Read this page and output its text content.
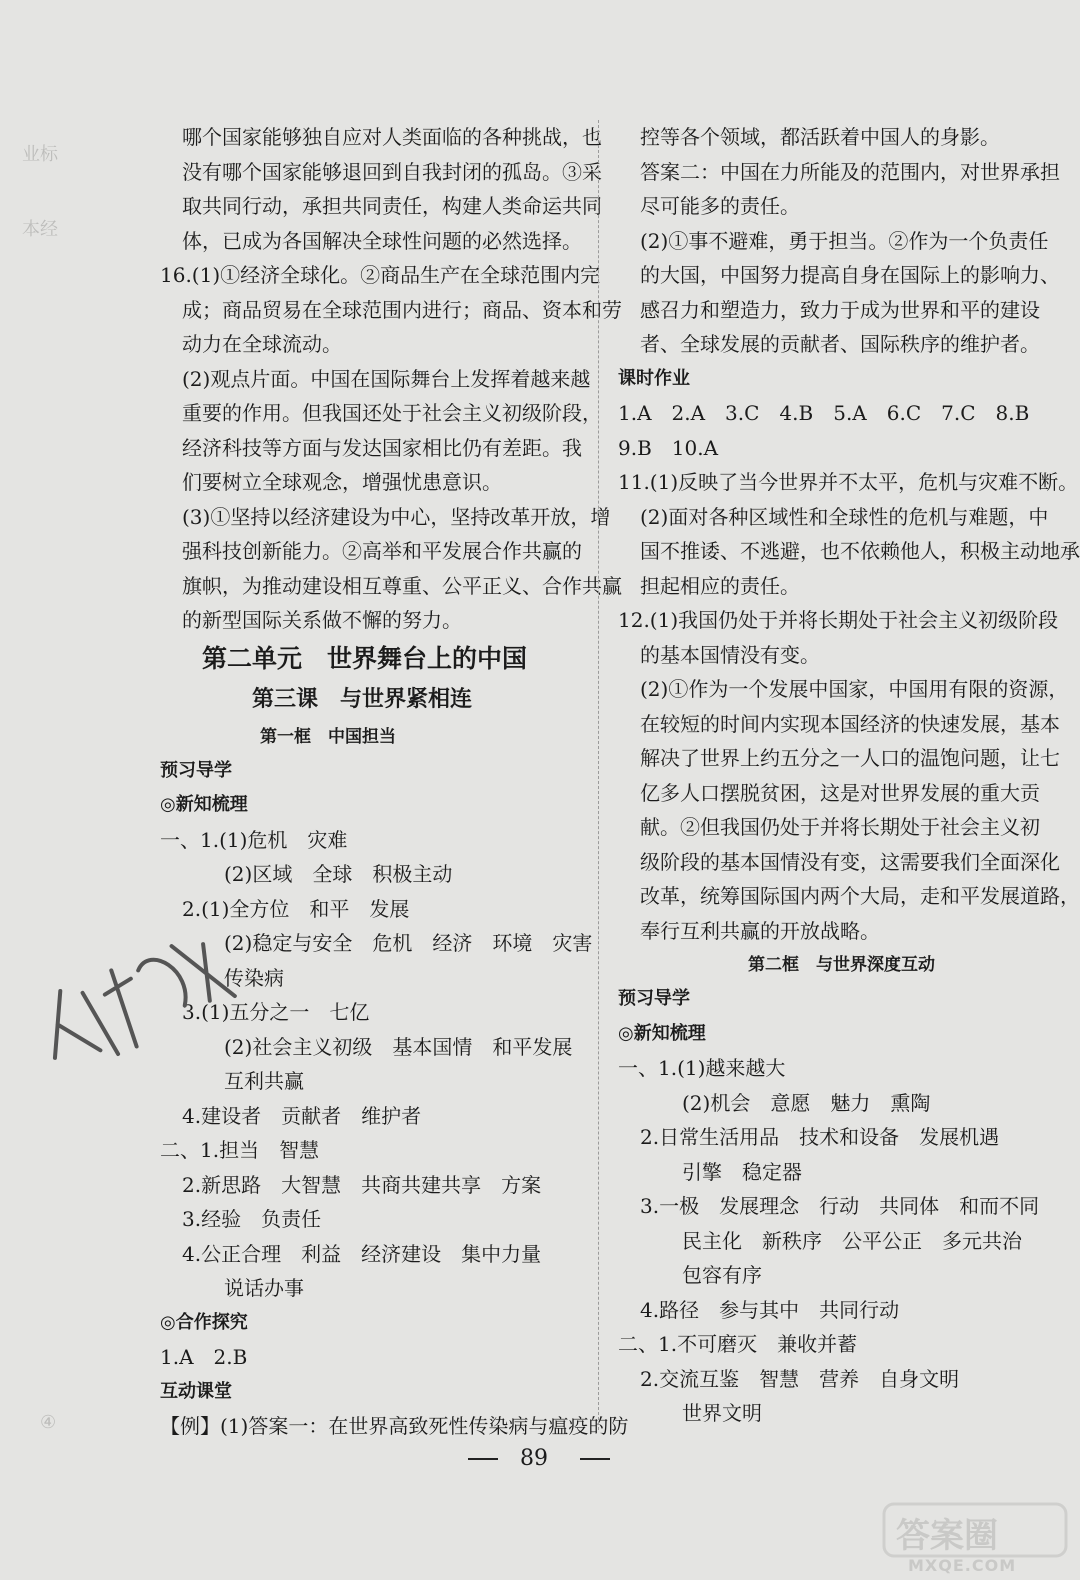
业标
本经
④
哪个国家能够独自应对人类面临的各种挑战，也
没有哪个国家能够退回到自我封闭的孤岛。③采
取共同行动，承担共同责任，构建人类命运共同
体，已成为各国解决全球性问题的必然选择。
16.(1)①经济全球化。②商品生产在全球范围内完
成；商品贸易在全球范围内进行；商品、资本和劳
动力在全球流动。
(2)观点片面。中国在国际舞台上发挥着越来越
重要的作用。但我国还处于社会主义初级阶段，
经济科技等方面与发达国家相比仍有差距。我
们要树立全球观念，增强忧患意识。
(3)①坚持以经济建设为中心，坚持改革开放，增
强科技创新能力。②高举和平发展合作共赢的
旗帜，为推动建设相互尊重、公平正义、合作共赢
的新型国际关系做不懈的努力。
第二单元　世界舞台上的中国
第三课　与世界紧相连
第一框　中国担当
预习导学
◎新知梳理
一、1.(1)危机　灾难
(2)区域　全球　积极主动
2.(1)全方位　和平　发展
(2)稳定与安全　危机　经济　环境　灾害
传染病
3.(1)五分之一　七亿
(2)社会主义初级　基本国情　和平发展
互利共赢
4.建设者　贡献者　维护者
二、1.担当　智慧
2.新思路　大智慧　共商共建共享　方案
3.经验　负责任
4.公正合理　利益　经济建设　集中力量
说话办事
◎合作探究
1.A　2.B
互动课堂
【例】(1)答案一：在世界高致死性传染病与瘟疫的防
控等各个领域，都活跃着中国人的身影。
答案二：中国在力所能及的范围内，对世界承担
尽可能多的责任。
(2)①事不避难，勇于担当。②作为一个负责任
的大国，中国努力提高自身在国际上的影响力、
感召力和塑造力，致力于成为世界和平的建设
者、全球发展的贡献者、国际秩序的维护者。
课时作业
1.A　2.A　3.C　4.B　5.A　6.C　7.C　8.B
9.B　10.A
11.(1)反映了当今世界并不太平，危机与灾难不断。
(2)面对各种区域性和全球性的危机与难题，中
国不推诿、不逃避，也不依赖他人，积极主动地承
担起相应的责任。
12.(1)我国仍处于并将长期处于社会主义初级阶段
的基本国情没有变。
(2)①作为一个发展中国家，中国用有限的资源，
在较短的时间内实现本国经济的快速发展，基本
解决了世界上约五分之一人口的温饱问题，让七
亿多人口摆脱贫困，这是对世界发展的重大贡
献。②但我国仍处于并将长期处于社会主义初
级阶段的基本国情没有变，这需要我们全面深化
改革，统筹国际国内两个大局，走和平发展道路，
奉行互利共赢的开放战略。
第二框　与世界深度互动
预习导学
◎新知梳理
一、1.(1)越来越大
(2)机会　意愿　魅力　熏陶
2.日常生活用品　技术和设备　发展机遇
引擎　稳定器
3.一极　发展理念　行动　共同体　和而不同
民主化　新秩序　公平公正　多元共治
包容有序
4.路径　参与其中　共同行动
二、1.不可磨灭　兼收并蓄
2.交流互鉴　智慧　营养　自身文明
世界文明
89
答案圈
MXQE.COM
